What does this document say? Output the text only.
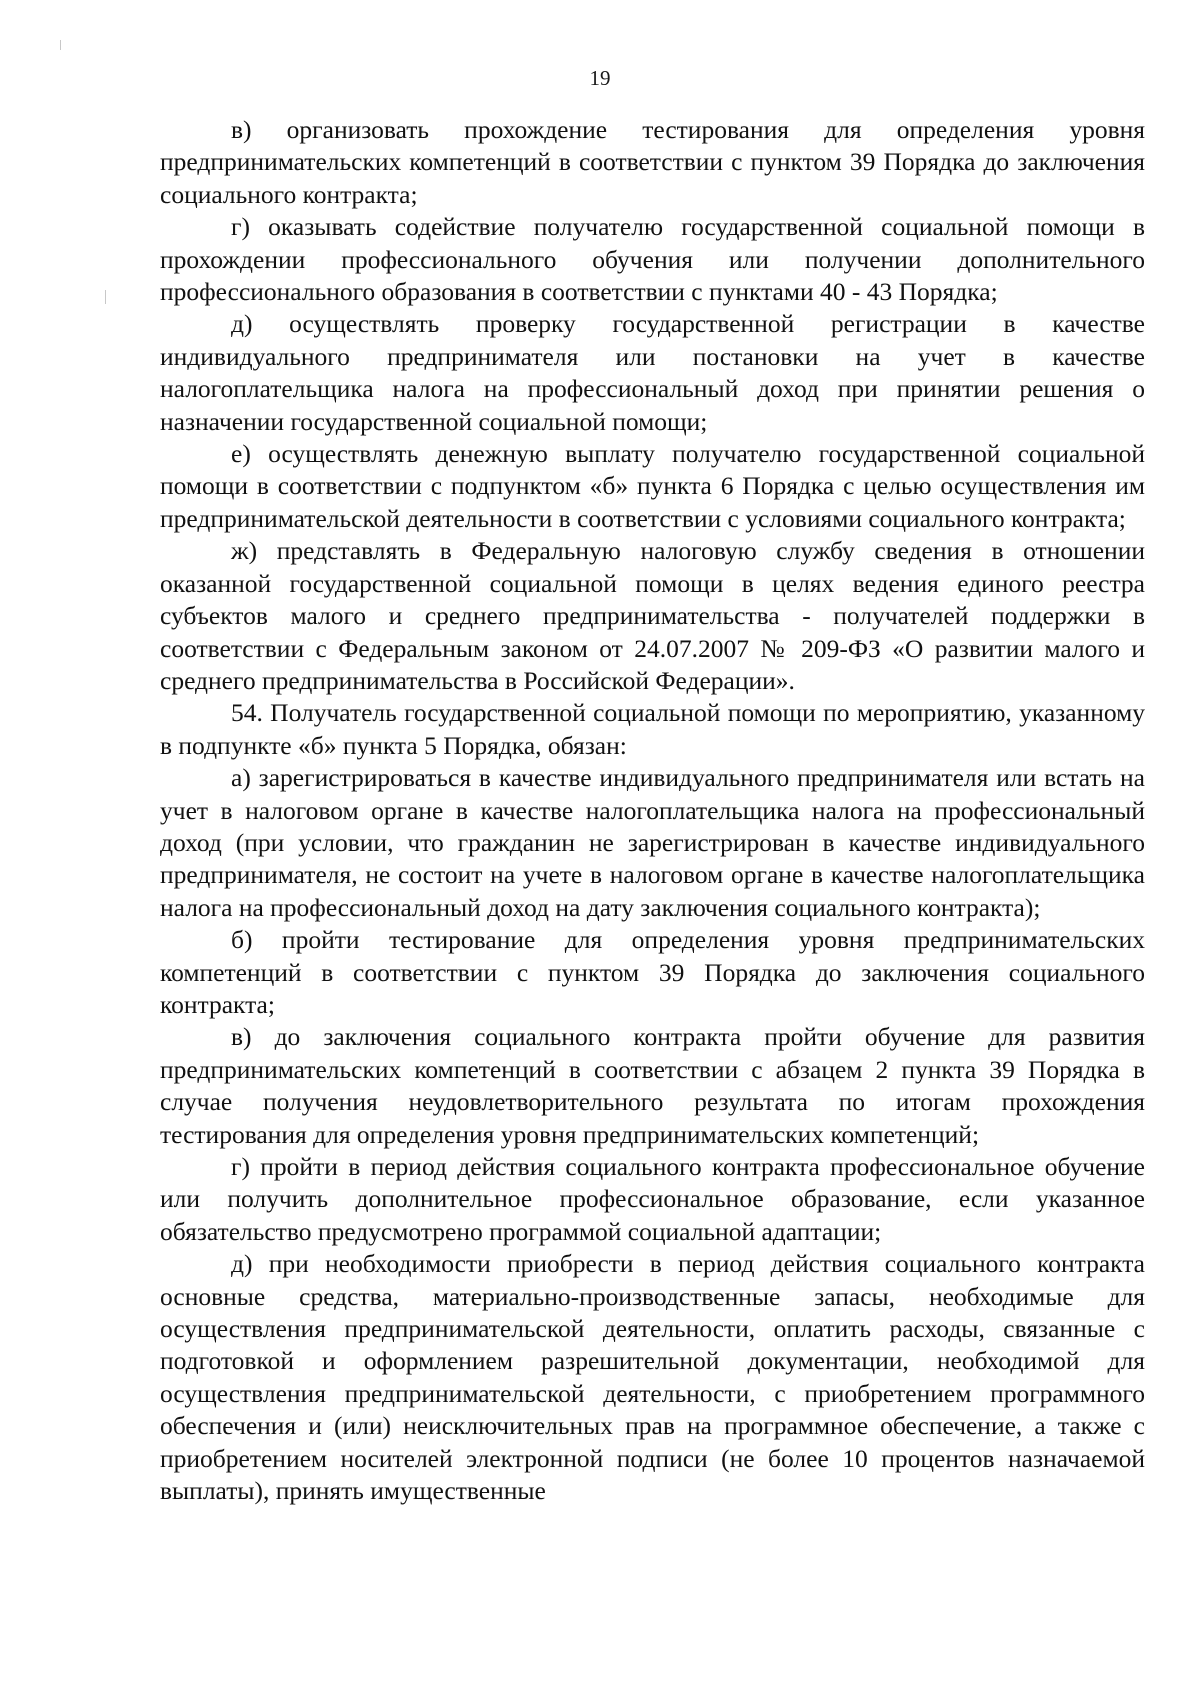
19

в) организовать прохождение тестирования для определения уровня предпринимательских компетенций в соответствии с пунктом 39 Порядка до заключения социального контракта;

г) оказывать содействие получателю государственной социальной помощи в прохождении профессионального обучения или получении дополнительного профессионального образования в соответствии с пунктами 40 - 43 Порядка;

д) осуществлять проверку государственной регистрации в качестве индивидуального предпринимателя или постановки на учет в качестве налогоплательщика налога на профессиональный доход при принятии решения о назначении государственной социальной помощи;

е) осуществлять денежную выплату получателю государственной социальной помощи в соответствии с подпунктом «б» пункта 6 Порядка с целью осуществления им предпринимательской деятельности в соответствии с условиями социального контракта;

ж) представлять в Федеральную налоговую службу сведения в отношении оказанной государственной социальной помощи в целях ведения единого реестра субъектов малого и среднего предпринимательства - получателей поддержки в соответствии с Федеральным законом от 24.07.2007 № 209-ФЗ «О развитии малого и среднего предпринимательства в Российской Федерации».

54. Получатель государственной социальной помощи по мероприятию, указанному в подпункте «б» пункта 5 Порядка, обязан:

а) зарегистрироваться в качестве индивидуального предпринимателя или встать на учет в налоговом органе в качестве налогоплательщика налога на профессиональный доход (при условии, что гражданин не зарегистрирован в качестве индивидуального предпринимателя, не состоит на учете в налоговом органе в качестве налогоплательщика налога на профессиональный доход на дату заключения социального контракта);

б) пройти тестирование для определения уровня предпринимательских компетенций в соответствии с пунктом 39 Порядка до заключения социального контракта;

в) до заключения социального контракта пройти обучение для развития предпринимательских компетенций в соответствии с абзацем 2 пункта 39 Порядка в случае получения неудовлетворительного результата по итогам прохождения тестирования для определения уровня предпринимательских компетенций;

г) пройти в период действия социального контракта профессиональное обучение или получить дополнительное профессиональное образование, если указанное обязательство предусмотрено программой социальной адаптации;

д) при необходимости приобрести в период действия социального контракта основные средства, материально-производственные запасы, необходимые для осуществления предпринимательской деятельности, оплатить расходы, связанные с подготовкой и оформлением разрешительной документации, необходимой для осуществления предпринимательской деятельности, с приобретением программного обеспечения и (или) неисключительных прав на программное обеспечение, а также с приобретением носителей электронной подписи (не более 10 процентов назначаемой выплаты), принять имущественные
